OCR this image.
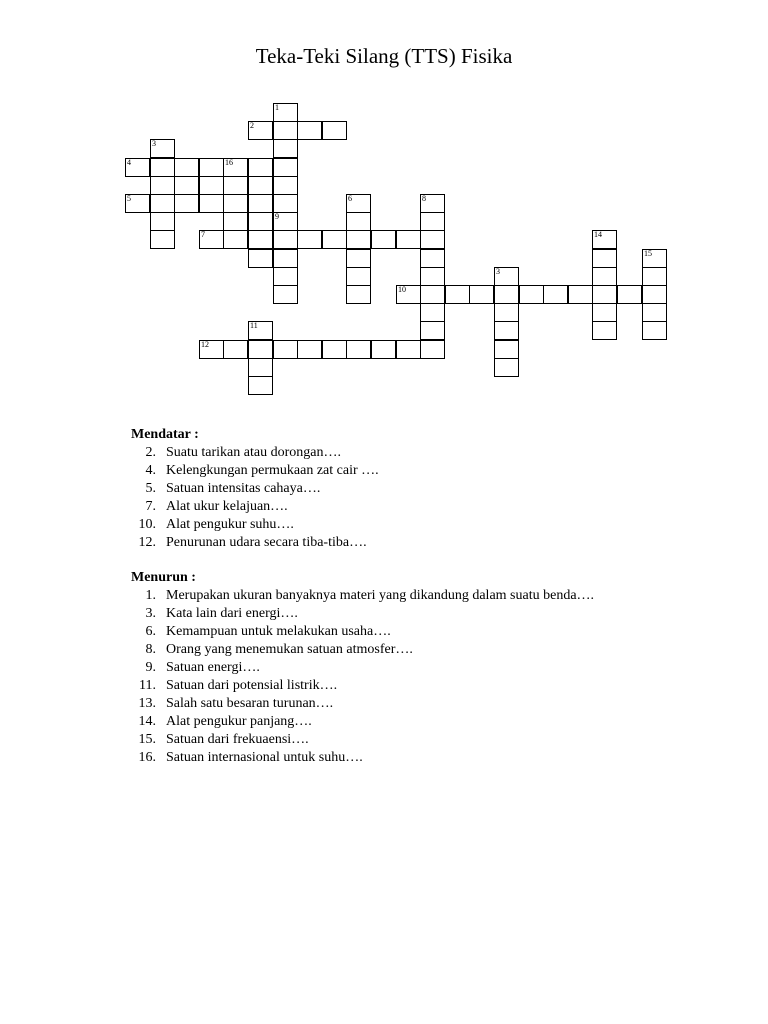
Teka-Teki Silang (TTS) Fisika
1
2
3
4	16
5	6	8
9
7	14
15
3
10
11
12
Mendatar :
2. Suatu tarikan atau dorongan….
4. Kelengkungan permukaan zat cair ….
5. Satuan intensitas cahaya….
7. Alat ukur kelajuan….
10. Alat pengukur suhu….
12. Penurunan udara secara tiba-tiba….
Menurun :
1. Merupakan ukuran banyaknya materi yang dikandung dalam suatu benda….
3. Kata lain dari energi….
6. Kemampuan untuk melakukan usaha….
8. Orang yang menemukan satuan atmosfer….
9. Satuan energi….
11. Satuan dari potensial listrik….
13. Salah satu besaran turunan….
14. Alat pengukur panjang….
15. Satuan dari frekuaensi….
16. Satuan internasional untuk suhu….
